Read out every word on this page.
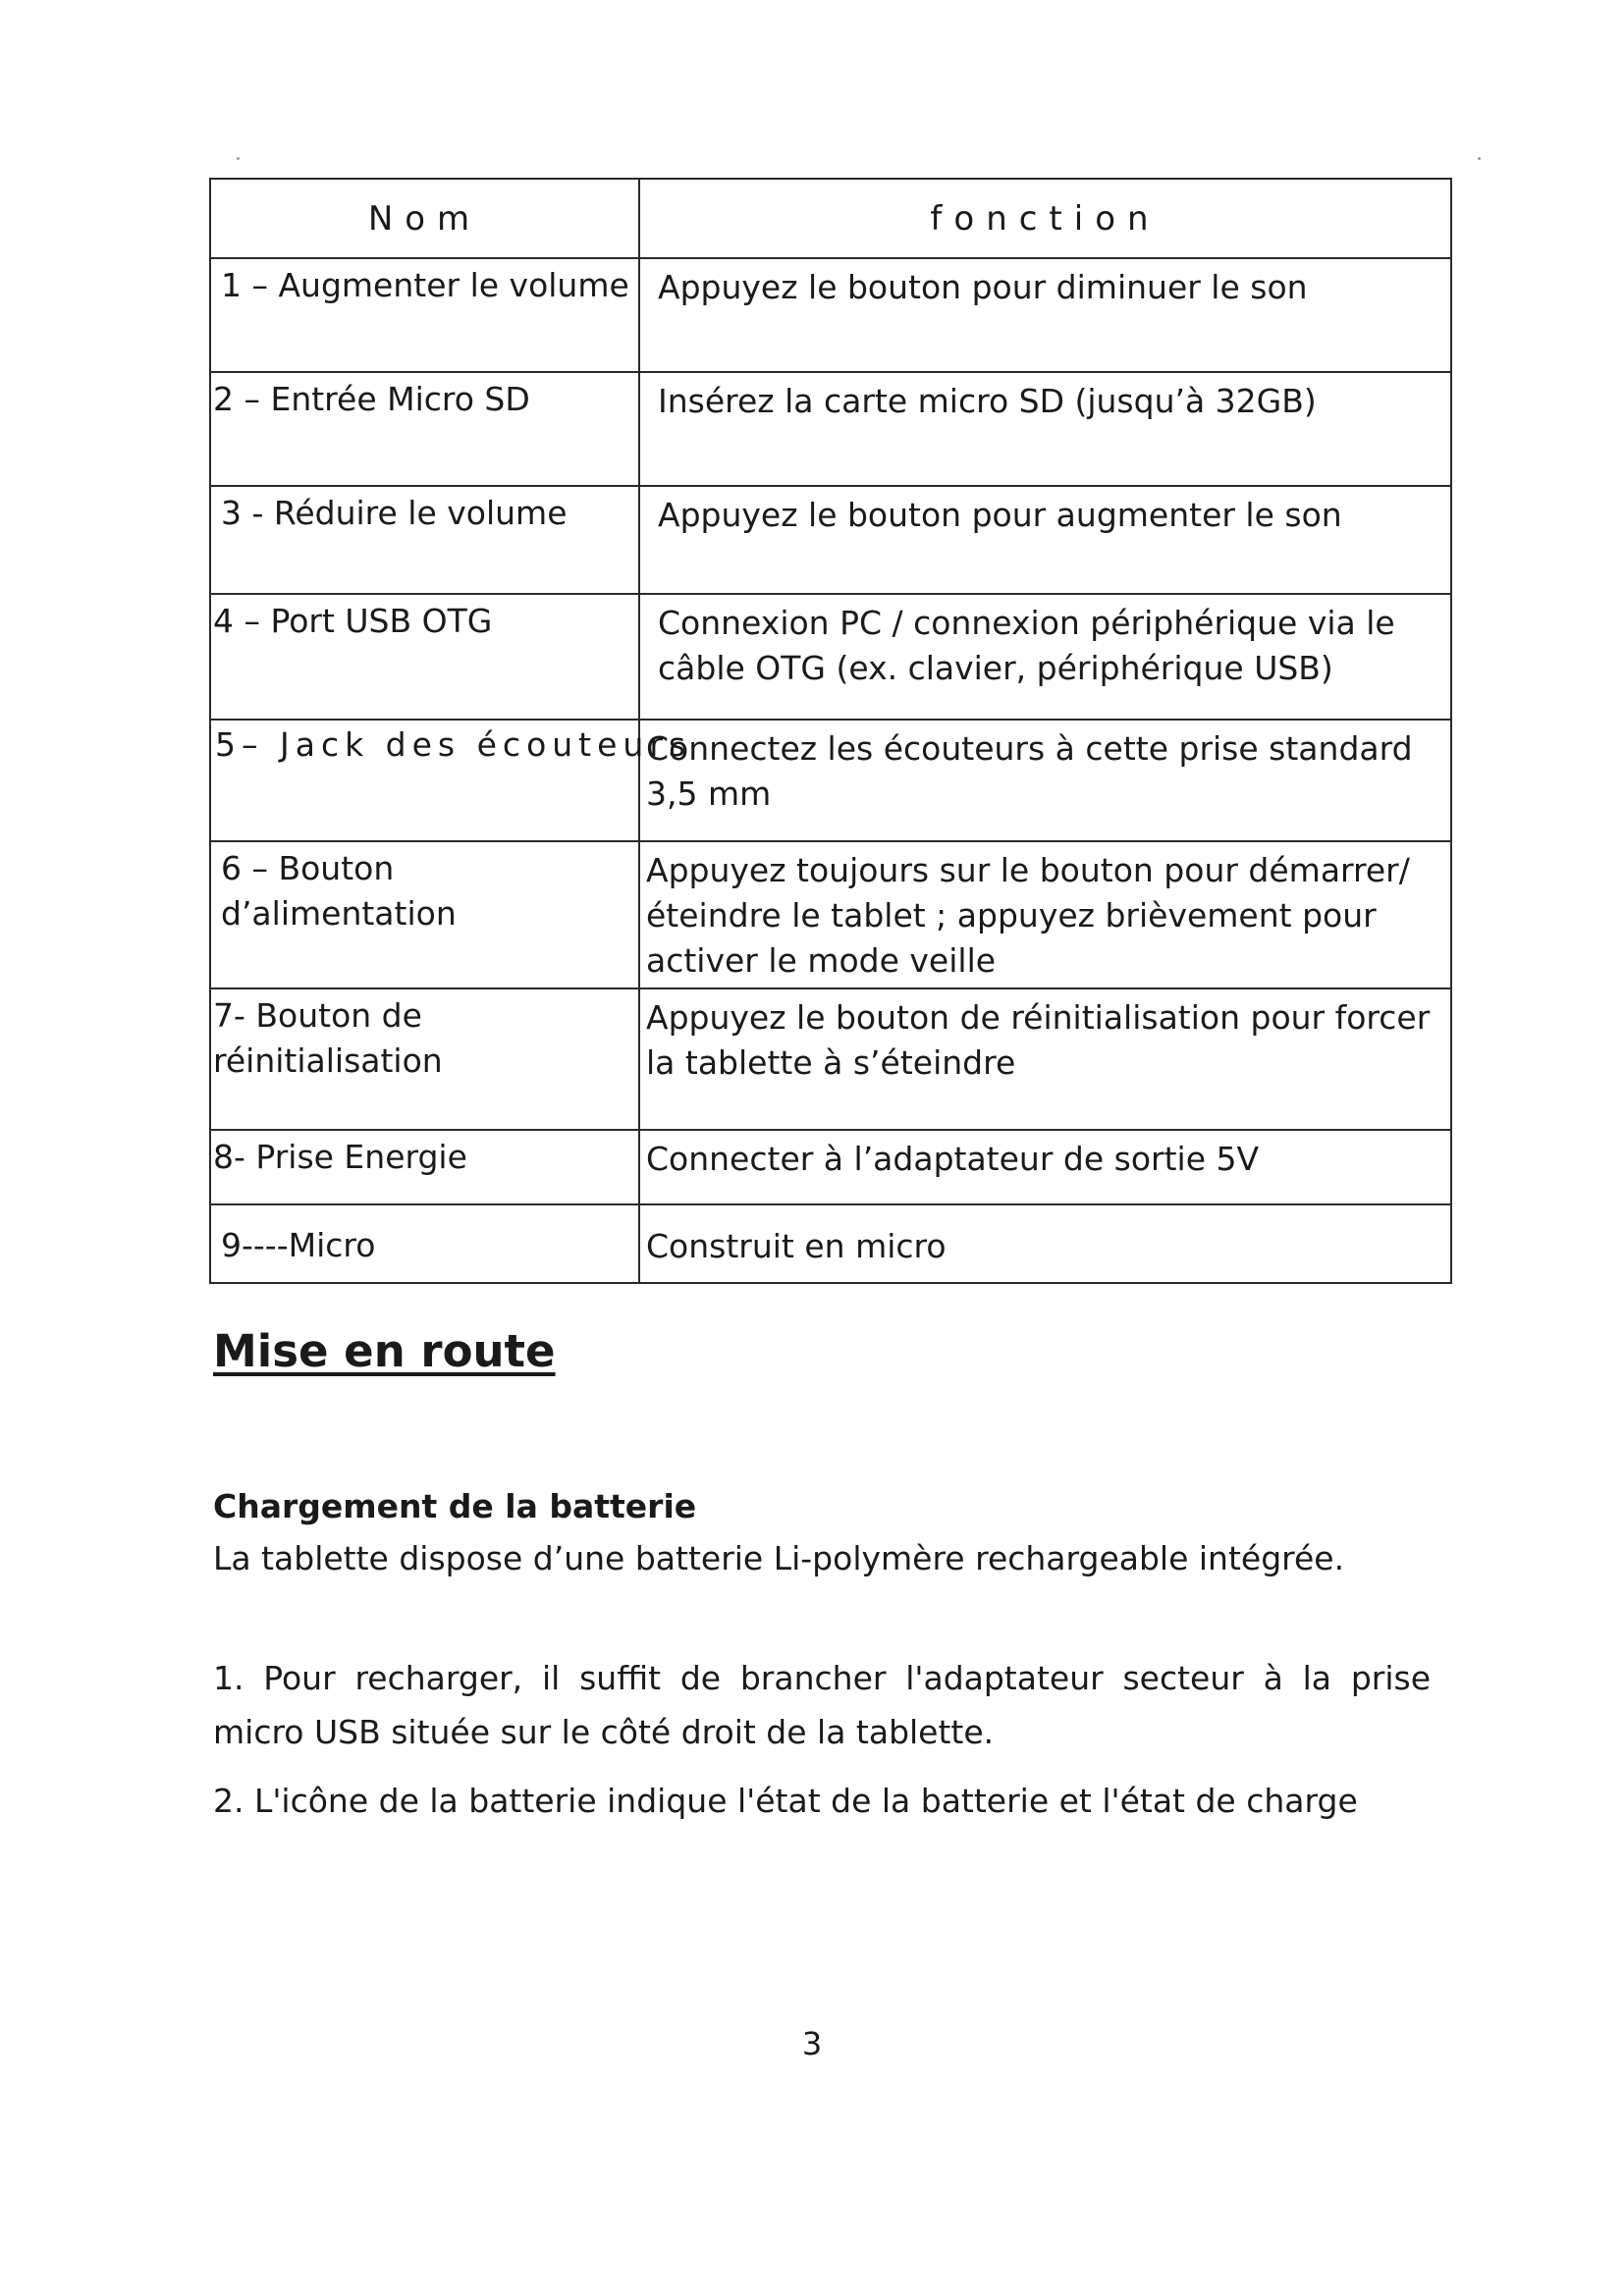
Nom	fonction
1 – Augmenter le volume	Appuyez le bouton pour diminuer le son
2 – Entrée Micro SD	Insérez la carte micro SD (jusqu’à 32GB)
3 - Réduire le volume	Appuyez le bouton pour augmenter le son
4 – Port USB OTG	Connexion PC / connexion périphérique via le câble OTG (ex. clavier, périphérique USB)
5– Jack des écouteurs	Connectez les écouteurs à cette prise standard 3,5 mm
6 – Bouton d’alimentation	Appuyez toujours sur le bouton pour démarrer/éteindre le tablet ; appuyez brièvement pour activer le mode veille
7- Bouton de réinitialisation	Appuyez le bouton de réinitialisation pour forcer la tablette à s’éteindre
8- Prise Energie	Connecter à l’adaptateur de sortie 5V
9----Micro	Construit en micro
Mise en route
Chargement de la batterie

La tablette dispose d’une batterie Li-polymère rechargeable intégrée.

1. Pour recharger, il suffit de brancher l'adaptateur secteur à la prise micro USB située sur le côté droit de la tablette.

2. L'icône de la batterie indique l'état de la batterie et l'état de charge

3
